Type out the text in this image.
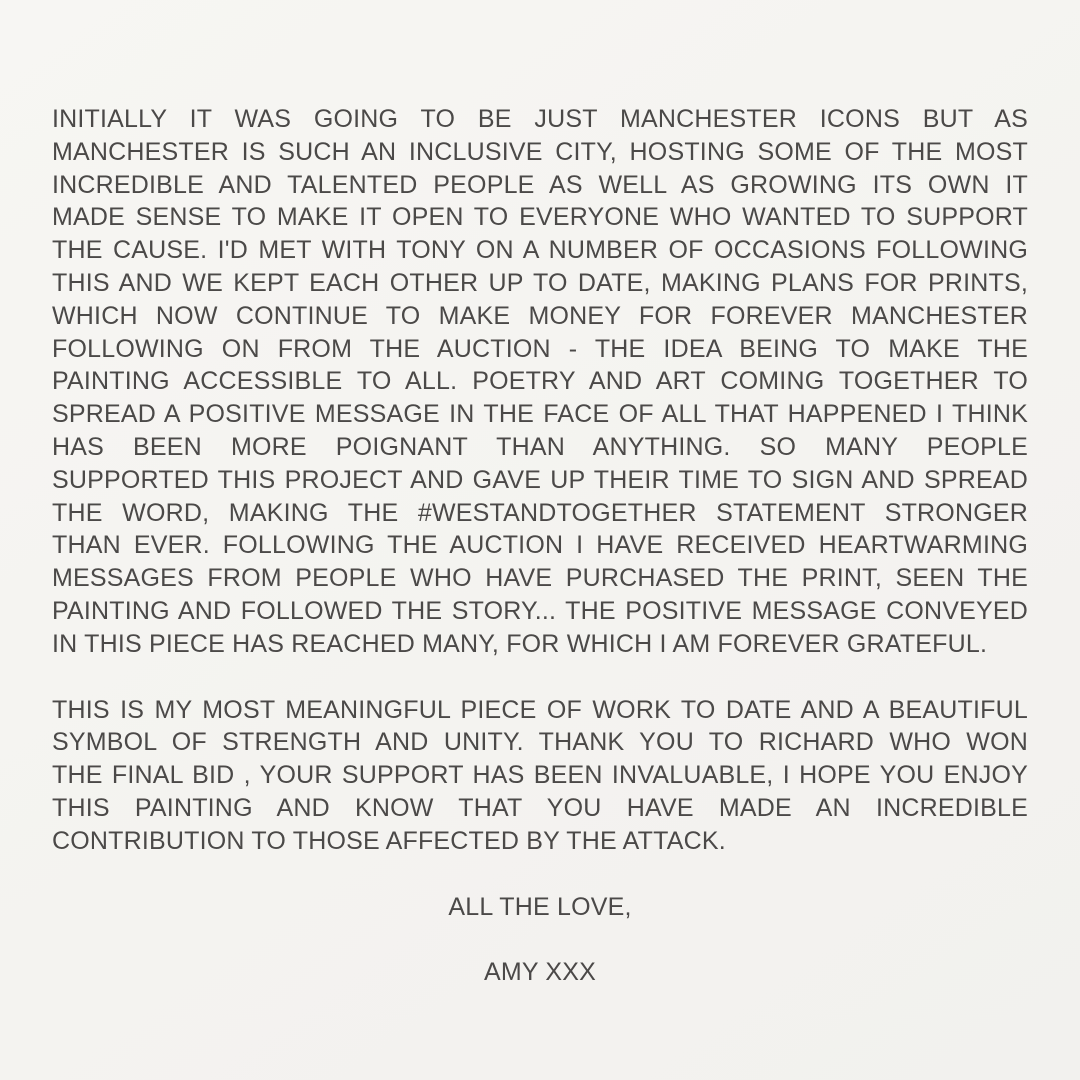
INITIALLY IT WAS GOING TO BE JUST MANCHESTER ICONS BUT AS
MANCHESTER IS SUCH AN INCLUSIVE CITY, HOSTING SOME OF THE MOST
INCREDIBLE AND TALENTED PEOPLE AS WELL AS GROWING ITS OWN IT
MADE SENSE TO MAKE IT OPEN TO EVERYONE WHO WANTED TO SUPPORT
THE CAUSE. I'D MET WITH TONY ON A NUMBER OF OCCASIONS FOLLOWING
THIS AND WE KEPT EACH OTHER UP TO DATE, MAKING PLANS FOR PRINTS,
WHICH NOW CONTINUE TO MAKE MONEY FOR FOREVER MANCHESTER
FOLLOWING ON FROM THE AUCTION - THE IDEA BEING TO MAKE THE
PAINTING ACCESSIBLE TO ALL. POETRY AND ART COMING TOGETHER TO
SPREAD A POSITIVE MESSAGE IN THE FACE OF ALL THAT HAPPENED I THINK
HAS BEEN MORE POIGNANT THAN ANYTHING. SO MANY PEOPLE
SUPPORTED THIS PROJECT AND GAVE UP THEIR TIME TO SIGN AND SPREAD
THE WORD, MAKING THE #WESTANDTOGETHER STATEMENT STRONGER
THAN EVER. FOLLOWING THE AUCTION I HAVE RECEIVED HEARTWARMING
MESSAGES FROM PEOPLE WHO HAVE PURCHASED THE PRINT, SEEN THE
PAINTING AND FOLLOWED THE STORY... THE POSITIVE MESSAGE CONVEYED
IN THIS PIECE HAS REACHED MANY, FOR WHICH I AM FOREVER GRATEFUL.
THIS IS MY MOST MEANINGFUL PIECE OF WORK TO DATE AND A BEAUTIFUL
SYMBOL OF STRENGTH AND UNITY. THANK YOU TO RICHARD WHO WON
THE FINAL BID , YOUR SUPPORT HAS BEEN INVALUABLE, I HOPE YOU ENJOY
THIS PAINTING AND KNOW THAT YOU HAVE MADE AN INCREDIBLE
CONTRIBUTION TO THOSE AFFECTED BY THE ATTACK.
ALL THE LOVE,
AMY XXX
